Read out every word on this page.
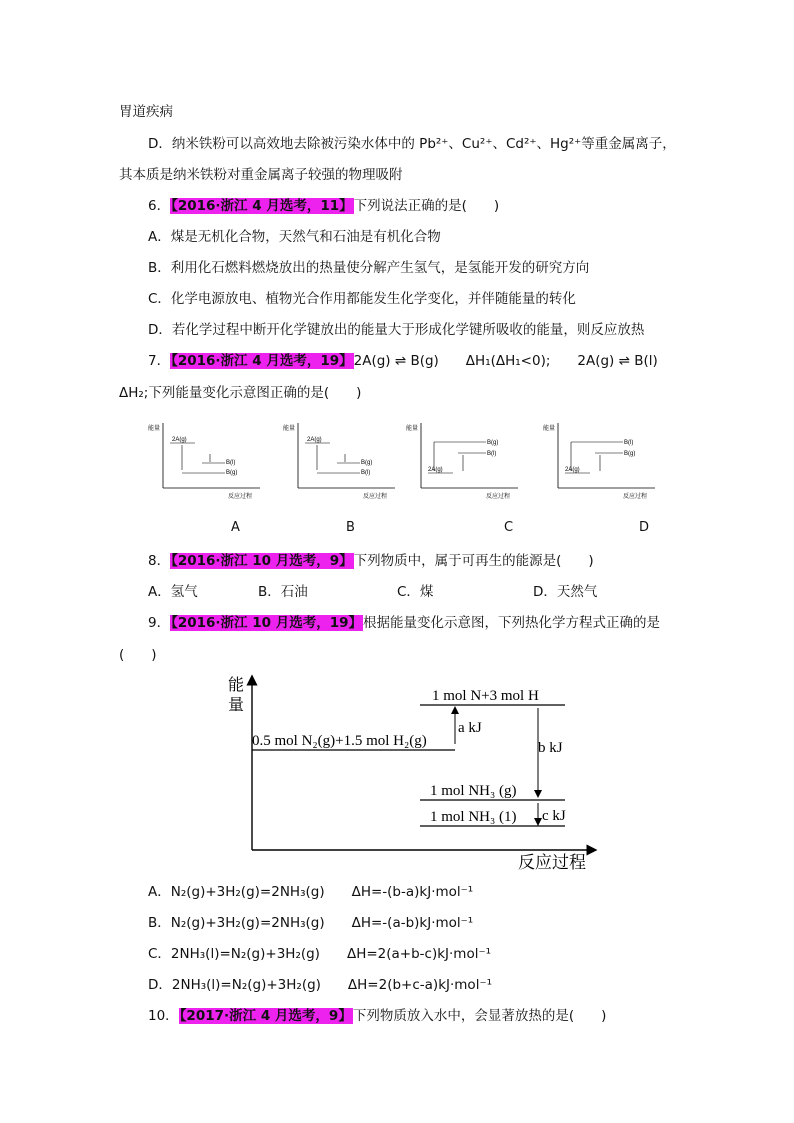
胃道疾病
D．纳米铁粉可以高效地去除被污染水体中的 Pb²⁺、Cu²⁺、Cd²⁺、Hg²⁺等重金属离子，
其本质是纳米铁粉对重金属离子较强的物理吸附
6．【2016·浙江 4 月选考，11】下列说法正确的是(　　)
A．煤是无机化合物，天然气和石油是有机化合物
B．利用化石燃料燃烧放出的热量使分解产生氢气，是氢能开发的研究方向
C．化学电源放电、植物光合作用都能发生化学变化，并伴随能量的转化
D．若化学过程中断开化学键放出的能量大于形成化学键所吸收的能量，则反应放热
7．【2016·浙江 4 月选考，19】2A(g) ⇌ B(g)　　ΔH₁(ΔH₁<0);　　2A(g) ⇌ B(l)
ΔH₂;下列能量变化示意图正确的是(　　)
能量
反应过程
2A(g)
B(l)
B(g)
能量
反应过程
2A(g)
B(g)
B(l)
能量
反应过程
2A(g)
B(g)
B(l)
能量
反应过程
2A(g)
B(l)
B(g)
A	B	C	D
8．【2016·浙江 10 月选考，9】下列物质中，属于可再生的能源是(　　)
A．氢气	B．石油	C．煤	D．天然气
9．【2016·浙江 10 月选考，19】根据能量变化示意图，下列热化学方程式正确的是
(　　)
能
量
反应过程
1 mol N+3 mol H
0.5 mol N₂(g)+1.5 mol H₂(g)
a kJ
b kJ
1 mol NH₃ (g)
1 mol NH₃ (1) c kJ
A．N₂(g)+3H₂(g)=2NH₃(g)　　ΔH=-(b-a)kJ·mol⁻¹
B．N₂(g)+3H₂(g)=2NH₃(g)　　ΔH=-(a-b)kJ·mol⁻¹
C．2NH₃(l)=N₂(g)+3H₂(g)　　ΔH=2(a+b-c)kJ·mol⁻¹
D．2NH₃(l)=N₂(g)+3H₂(g)　　ΔH=2(b+c-a)kJ·mol⁻¹
10．【2017·浙江 4 月选考，9】下列物质放入水中，会显著放热的是(　　)
